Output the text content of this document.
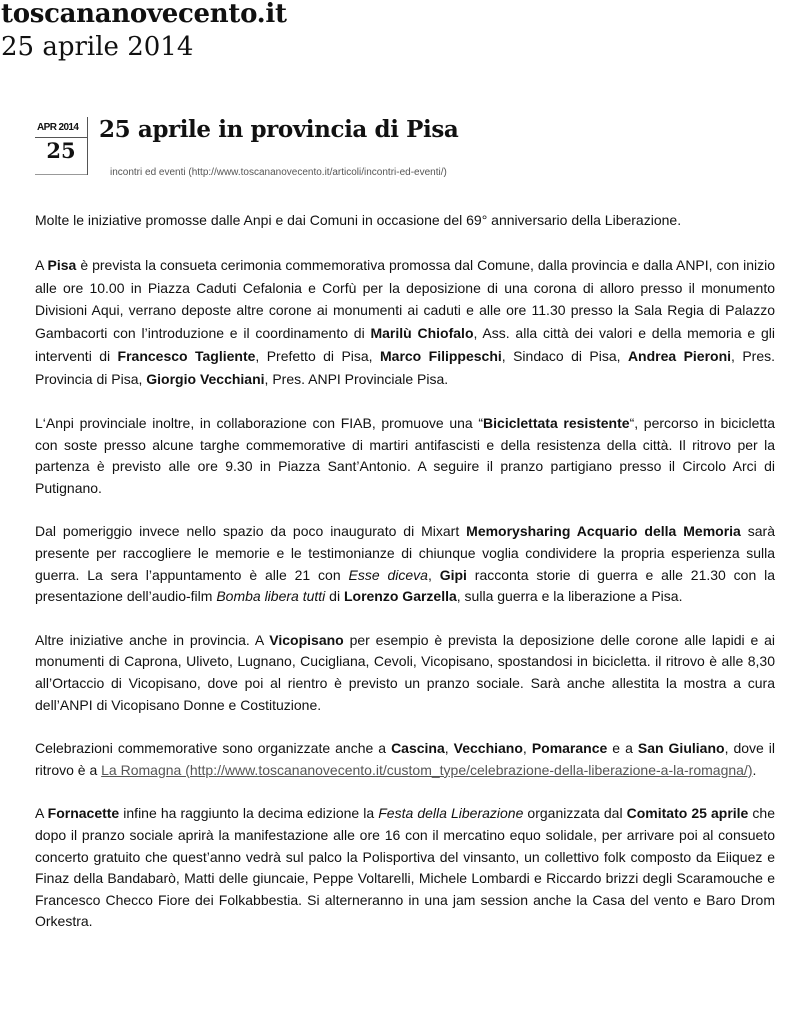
toscananovecento.it
25 aprile 2014
APR 2014
25
25 aprile in provincia di Pisa
incontri ed eventi (http://www.toscananovecento.it/articoli/incontri-ed-eventi/)

Molte le iniziative promosse dalle Anpi e dai Comuni in occasione del 69° anniversario della Liberazione.

A Pisa è prevista la consueta cerimonia commemorativa promossa dal Comune, dalla provincia e dalla ANPI, con inizio alle ore 10.00 in Piazza Caduti Cefalonia e Corfù per la deposizione di una corona di alloro presso il monumento Divisioni Aqui, verrano deposte altre corone ai monumenti ai caduti e alle ore 11.30 presso la Sala Regia di Palazzo Gambacorti con l’introduzione e il coordinamento di Marilù Chiofalo, Ass. alla città dei valori e della memoria e gli interventi di Francesco Tagliente, Prefetto di Pisa, Marco Filippeschi, Sindaco di Pisa, Andrea Pieroni, Pres. Provincia di Pisa, Giorgio Vecchiani, Pres. ANPI Provinciale Pisa.

L‘Anpi provinciale inoltre, in collaborazione con FIAB, promuove una “Biciclettata resistente“, percorso in bicicletta con soste presso alcune targhe commemorative di martiri antifascisti e della resistenza della città. Il ritrovo per la partenza è previsto alle ore 9.30 in Piazza Sant’Antonio. A seguire il pranzo partigiano presso il Circolo Arci di Putignano.

Dal pomeriggio invece nello spazio da poco inaugurato di Mixart Memorysharing Acquario della Memoria sarà presente per raccogliere le memorie e le testimonianze di chiunque voglia condividere la propria esperienza sulla guerra. La sera l’appuntamento è alle 21 con Esse diceva, Gipi racconta storie di guerra e alle 21.30 con la presentazione dell’audio-film Bomba libera tutti di Lorenzo Garzella, sulla guerra e la liberazione a Pisa.

Altre iniziative anche in provincia. A Vicopisano per esempio è prevista la deposizione delle corone alle lapidi e ai monumenti di Caprona, Uliveto, Lugnano, Cucigliana, Cevoli, Vicopisano, spostandosi in bicicletta. il ritrovo è alle 8,30 all’Ortaccio di Vicopisano, dove poi al rientro è previsto un pranzo sociale. Sarà anche allestita la mostra a cura dell’ANPI di Vicopisano Donne e Costituzione.

Celebrazioni commemorative sono organizzate anche a Cascina, Vecchiano, Pomarance e a San Giuliano, dove il ritrovo è a La Romagna (http://www.toscananovecento.it/custom_type/celebrazione-della-liberazione-a-la-romagna/).

A Fornacette infine ha raggiunto la decima edizione la Festa della Liberazione organizzata dal Comitato 25 aprile che dopo il pranzo sociale aprirà la manifestazione alle ore 16 con il mercatino equo solidale, per arrivare poi al consueto concerto gratuito che quest’anno vedrà sul palco la Polisportiva del vinsanto, un collettivo folk composto da Eiiquez e Finaz della Bandabarò, Matti delle giuncaie, Peppe Voltarelli, Michele Lombardi e Riccardo brizzi degli Scaramouche e Francesco Checco Fiore dei Folkabbestia. Si alterneranno in una jam session anche la Casa del vento e Baro Drom Orkestra.
